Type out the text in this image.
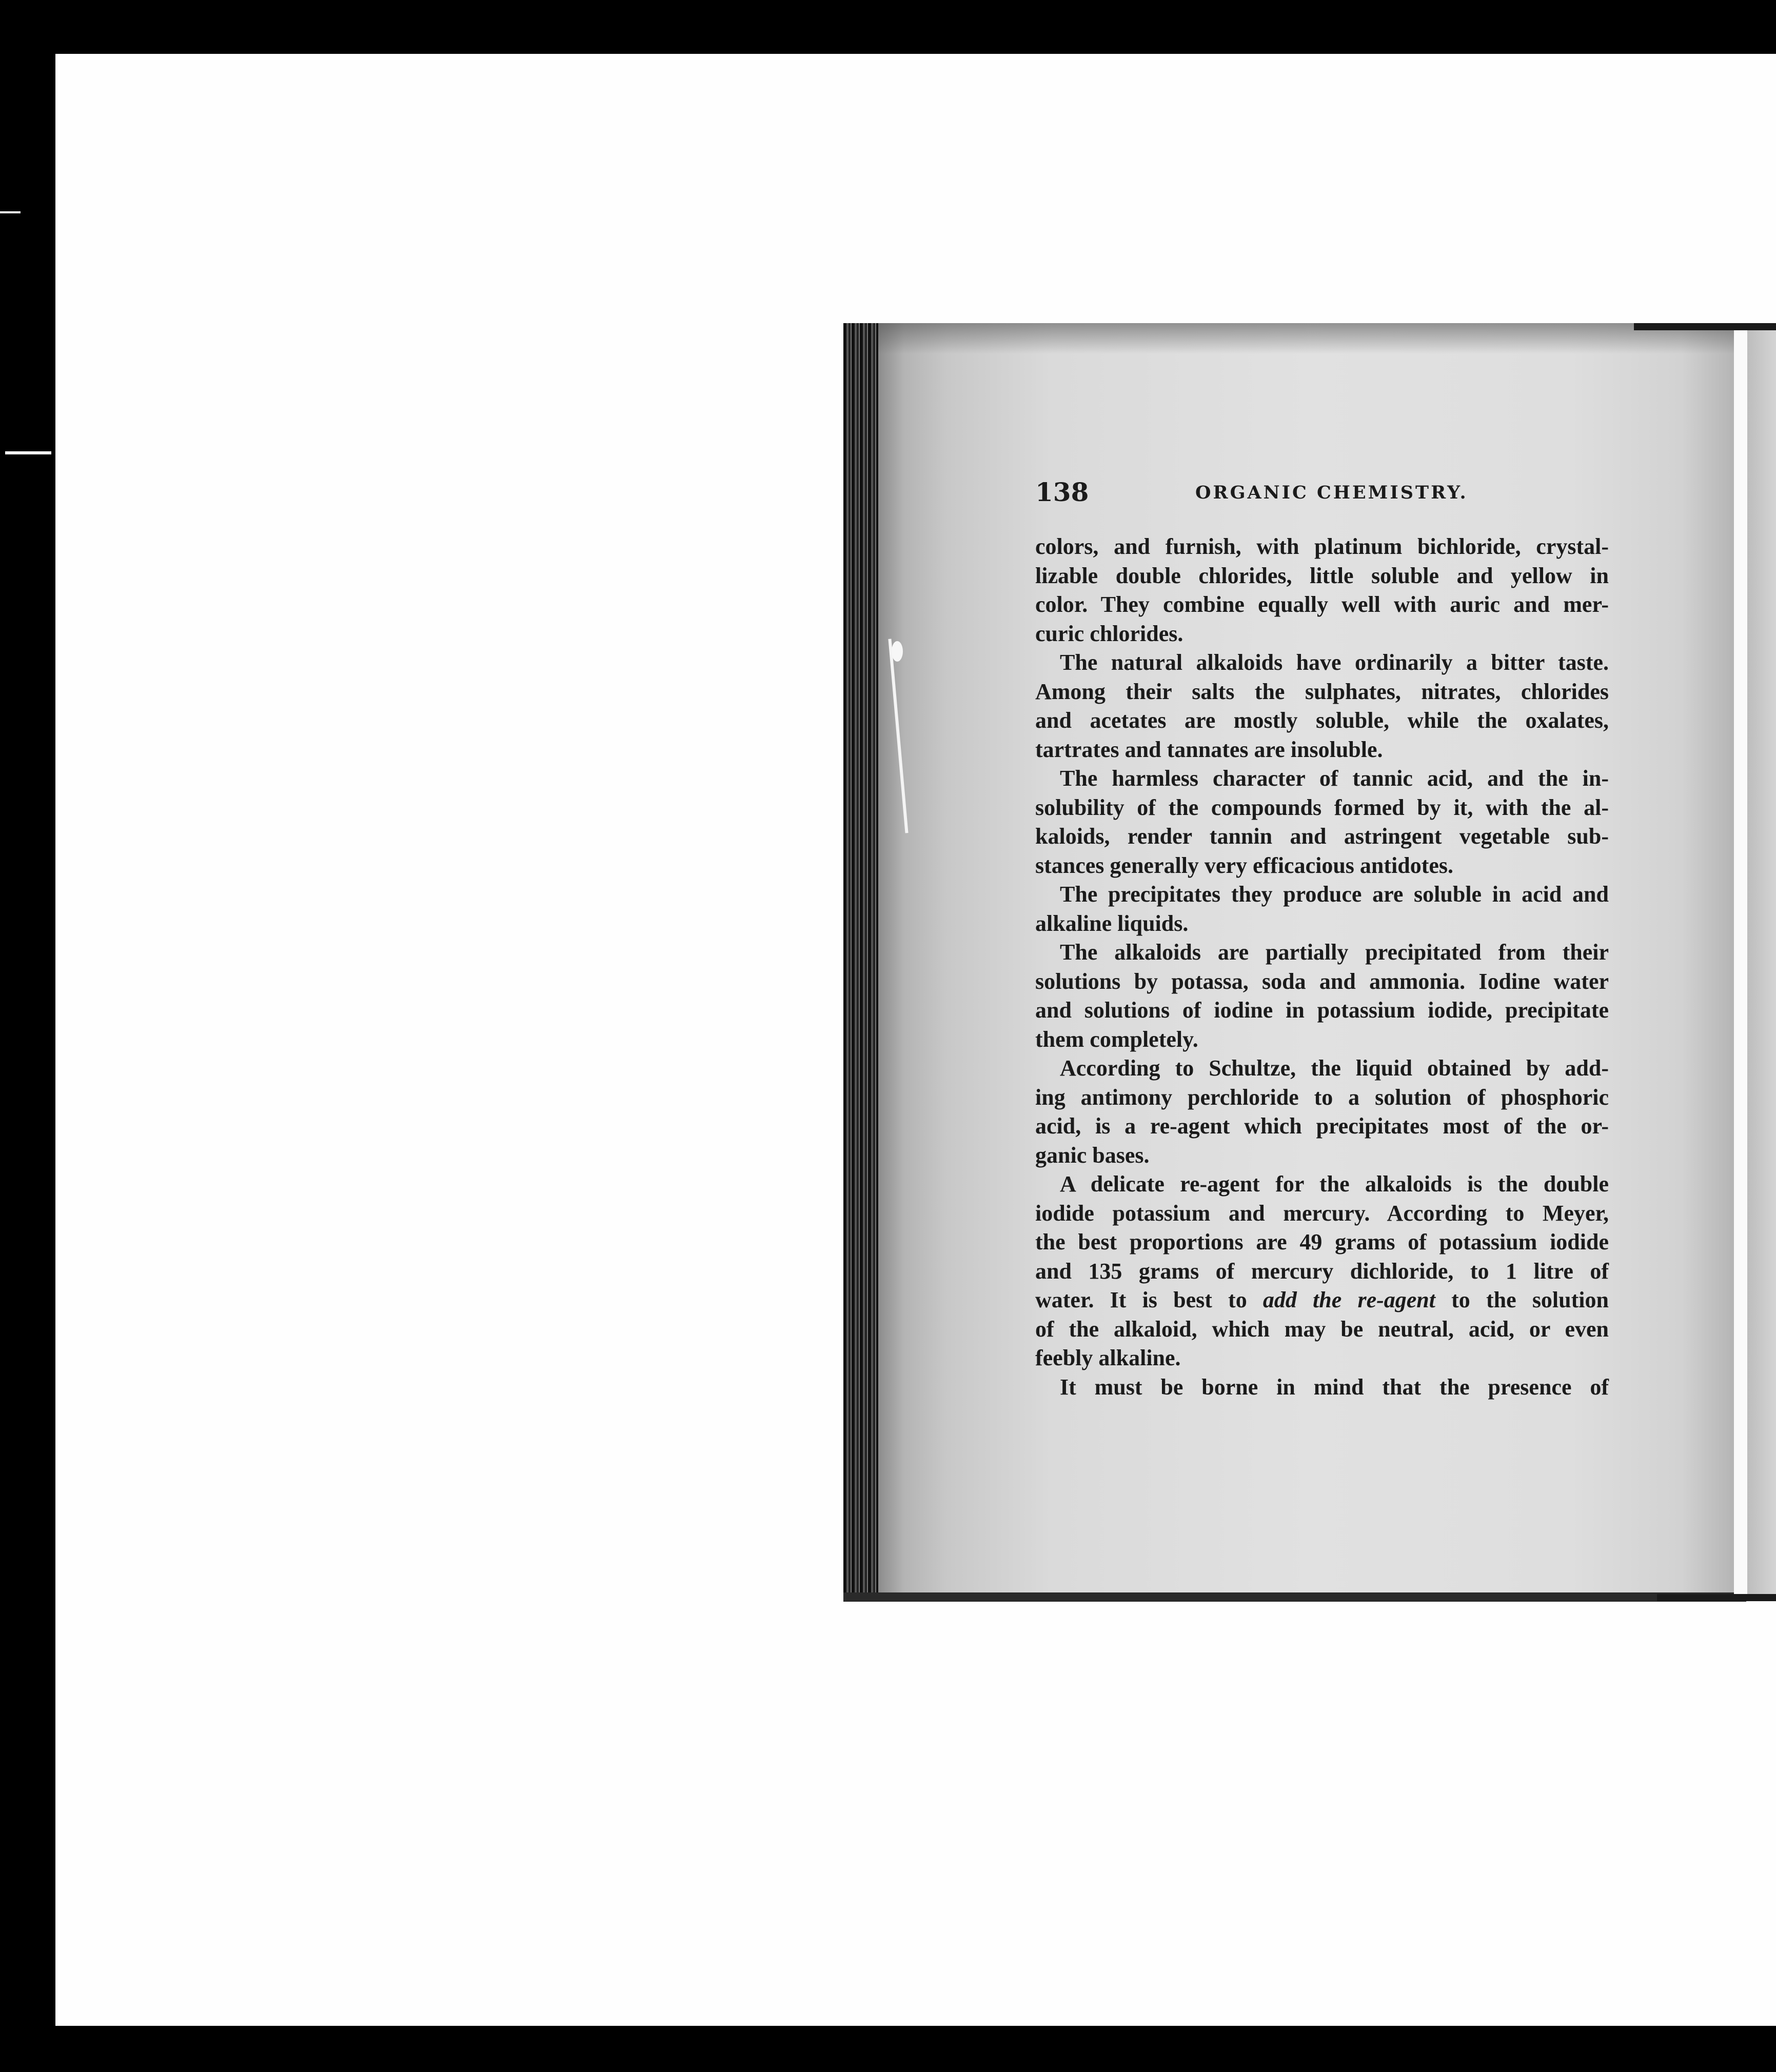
138	ORGANIC CHEMISTRY.
colors, and furnish, with platinum bichloride, crystal-
lizable double chlorides, little soluble and yellow in
color. They combine equally well with auric and mer-
curic chlorides.
The natural alkaloids have ordinarily a bitter taste.
Among their salts the sulphates, nitrates, chlorides
and acetates are mostly soluble, while the oxalates,
tartrates and tannates are insoluble.
The harmless character of tannic acid, and the in-
solubility of the compounds formed by it, with the al-
kaloids, render tannin and astringent vegetable sub-
stances generally very efficacious antidotes.
The precipitates they produce are soluble in acid and
alkaline liquids.
The alkaloids are partially precipitated from their
solutions by potassa, soda and ammonia. Iodine water
and solutions of iodine in potassium iodide, precipitate
them completely.
According to Schultze, the liquid obtained by add-
ing antimony perchloride to a solution of phosphoric
acid, is a re-agent which precipitates most of the or-
ganic bases.
A delicate re-agent for the alkaloids is the double
iodide potassium and mercury. According to Meyer,
the best proportions are 49 grams of potassium iodide
and 135 grams of mercury dichloride, to 1 litre of
water. It is best to add the re-agent to the solution
of the alkaloid, which may be neutral, acid, or even
feebly alkaline.
It must be borne in mind that the presence of
